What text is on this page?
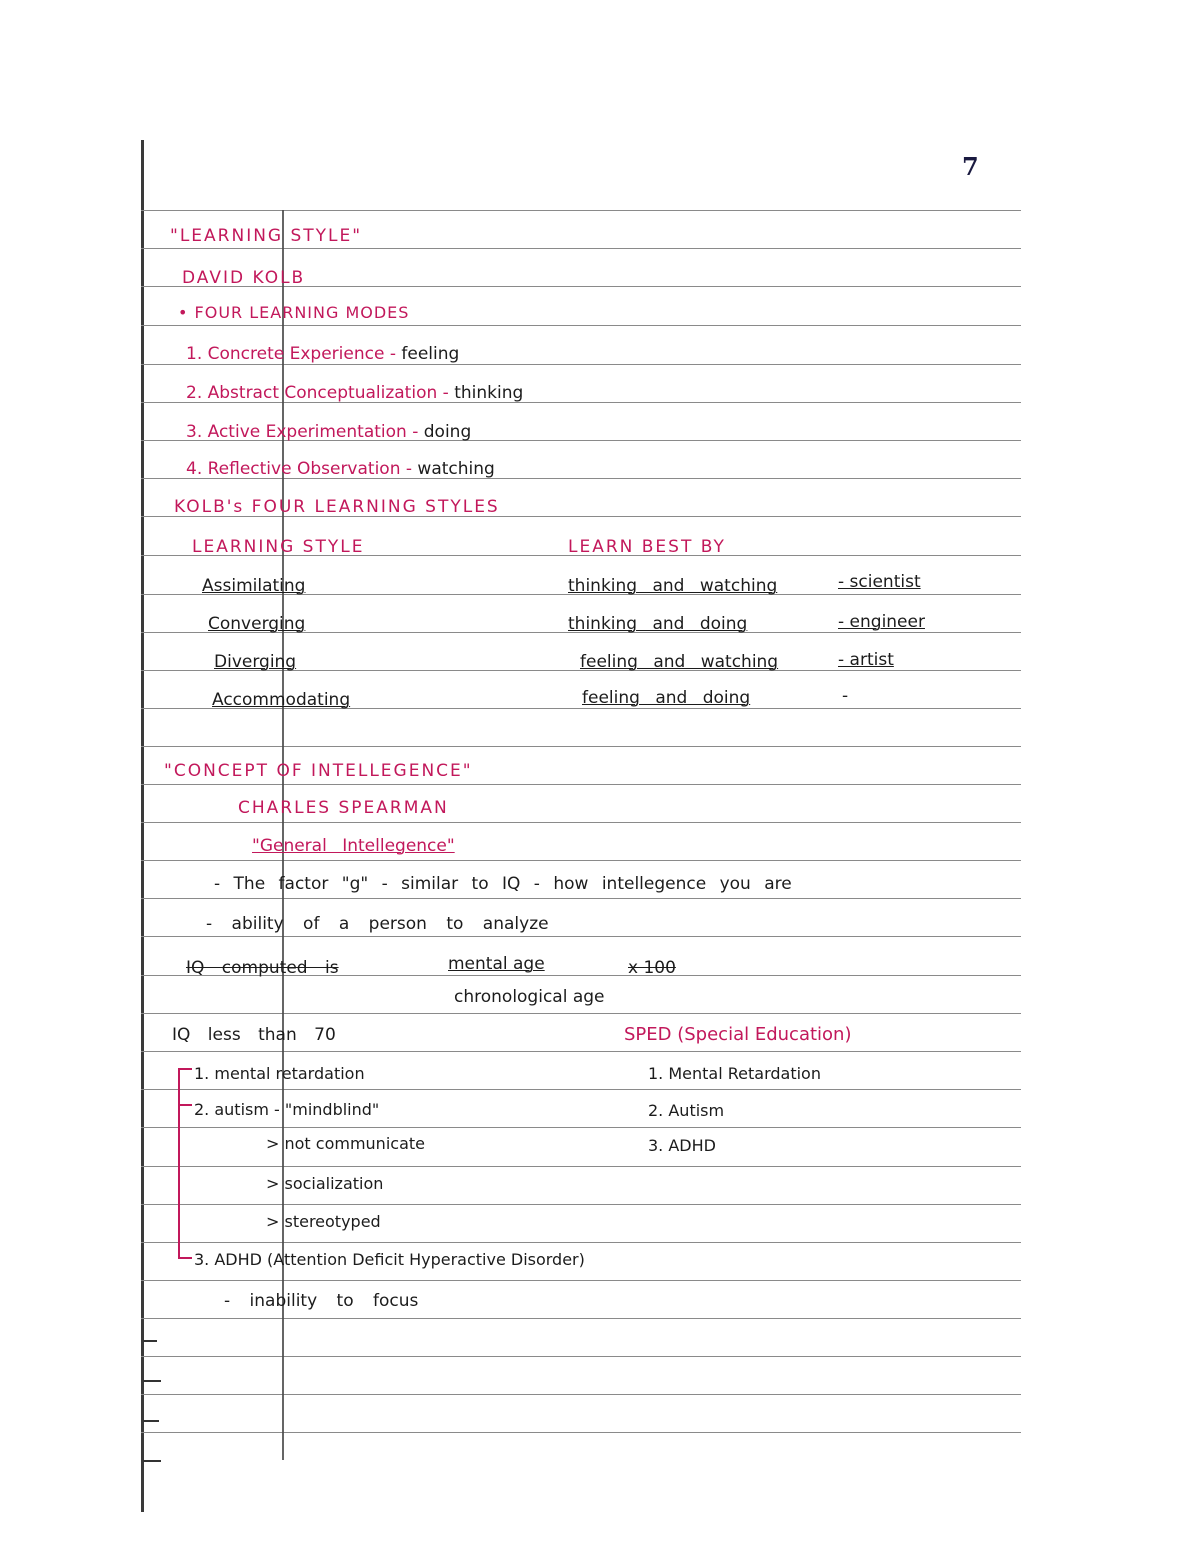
7
"LEARNING STYLE"
DAVID KOLB
• FOUR LEARNING MODES
1. Concrete Experience - feeling
2. Abstract Conceptualization - thinking
3. Active Experimentation - doing
4. Reflective Observation - watching
KOLB's FOUR LEARNING STYLES
LEARNING STYLE	LEARN BEST BY
Assimilating	thinking and watching	- scientist
Converging	thinking and doing	- engineer
Diverging	feeling and watching	- artist
Accommodating	feeling and doing	-
"CONCEPT OF INTELLEGENCE"
CHARLES SPEARMAN
"General Intellegence"
- The factor "g" - similar to IQ - how intellegence you are
- ability of a person to analyze
IQ computed is	mental age	x 100
chronological age
IQ less than 70	SPED (Special Education)
1. Mental Retardation
2. Autism
3. ADHD
1. mental retardation
2. autism - "mindblind"
> not communicate
> socialization
> stereotyped
3. ADHD (Attention Deficit Hyperactive Disorder)
- inability to focus
